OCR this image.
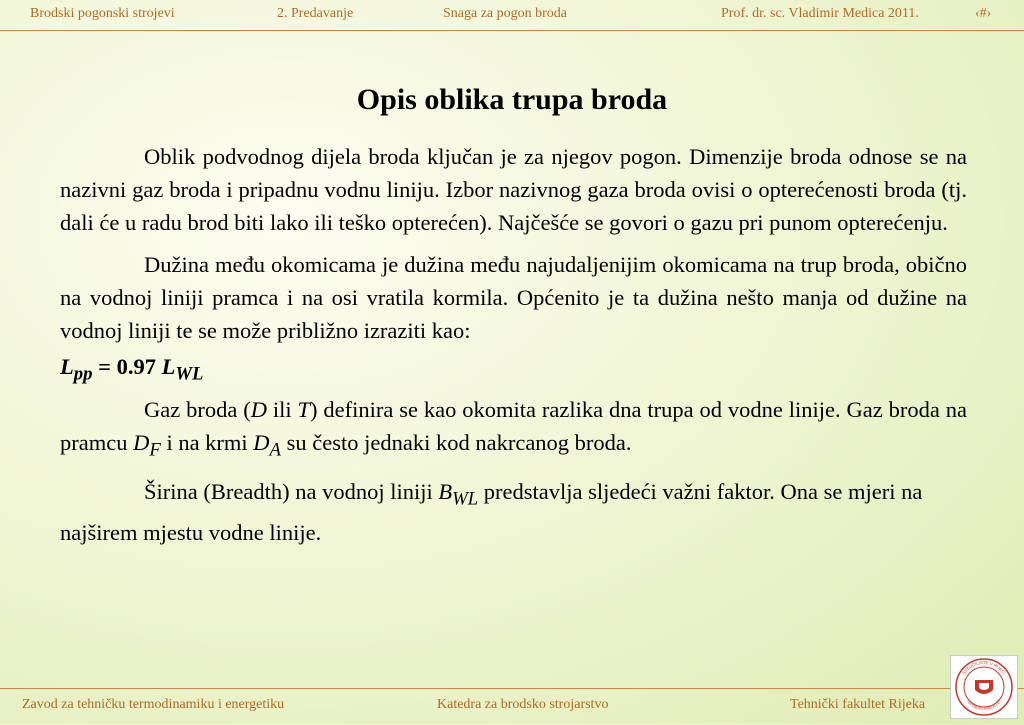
Brodski pogonski strojevi	2. Predavanje	Snaga za pogon broda	Prof. dr. sc. Vladimir Medica 2011.	‹#›
Opis oblika trupa broda

Oblik podvodnog dijela broda ključan je za njegov pogon. Dimenzije broda odnose se na nazivni gaz broda i pripadnu vodnu liniju. Izbor nazivnog gaza broda ovisi o opterećenosti broda (tj. dali će u radu brod biti lako ili teško opterećen). Najčešće se govori o gazu pri punom opterećenju.

Dužina među okomicama je dužina među najudaljenijim okomicama na trup broda, obično na vodnoj liniji pramca i na osi vratila kormila. Općenito je ta dužina nešto manja od dužine na vodnoj liniji te se može približno izraziti kao:

$L_{pp} = 0.97$ $L_{WL}$

Gaz broda (D ili T) definira se kao okomita razlika dna trupa od vodne linije. Gaz broda na pramcu $D_F$ i na krmi $D_A$ su često jednaki kod nakrcanog broda.

Širina (Breadth) na vodnoj liniji $B_{WL}$ predstavlja sljedeći važni faktor. Ona se mjeri na najširem mjestu vodne linije.

Zavod za tehničku termodinamiku i energetiku	Katedra za brodsko strojarstvo	Tehnički fakultet Rijeka
SVEUČILIŠTE U RIJECI
TEHNIČKI FAKULTET
